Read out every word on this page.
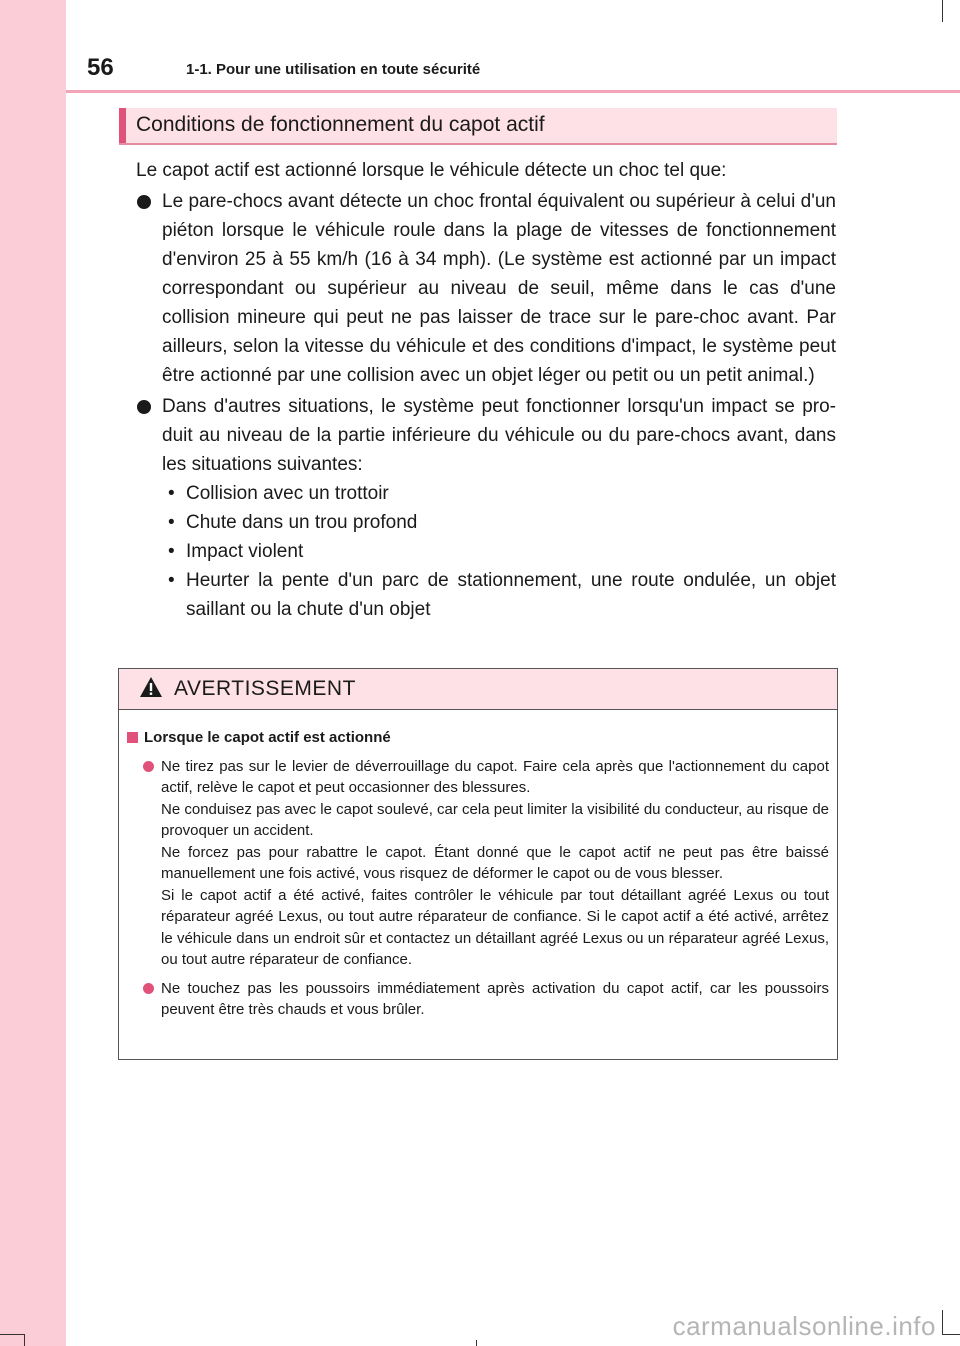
56	1-1. Pour une utilisation en toute sécurité
Conditions de fonctionnement du capot actif

Le capot actif est actionné lorsque le véhicule détecte un choc tel que:

Le pare-chocs avant détecte un choc frontal équivalent ou supérieur à celui d'un piéton lorsque le véhicule roule dans la plage de vitesses de fonctionnement d'environ 25 à 55 km/h (16 à 34 mph). (Le système est actionné par un impact correspondant ou supérieur au niveau de seuil, même dans le cas d'une collision mineure qui peut ne pas laisser de trace sur le pare-choc avant. Par ailleurs, selon la vitesse du véhicule et des conditions d'impact, le système peut être actionné par une collision avec un objet léger ou petit ou un petit animal.)
Dans d'autres situations, le système peut fonctionner lorsqu'un impact se produit au niveau de la partie inférieure du véhicule ou du pare-chocs avant, dans les situations suivantes:
• Collision avec un trottoir
• Chute dans un trou profond
• Impact violent
• Heurter la pente d'un parc de stationnement, une route ondulée, un objet saillant ou la chute d'un objet
AVERTISSEMENT
Lorsque le capot actif est actionné

Ne tirez pas sur le levier de déverrouillage du capot. Faire cela après que l'actionnement du capot actif, relève le capot et peut occasionner des blessures.

Ne conduisez pas avec le capot soulevé, car cela peut limiter la visibilité du conducteur, au risque de provoquer un accident.

Ne forcez pas pour rabattre le capot. Étant donné que le capot actif ne peut pas être baissé manuellement une fois activé, vous risquez de déformer le capot ou de vous blesser.

Si le capot actif a été activé, faites contrôler le véhicule par tout détaillant agréé Lexus ou tout réparateur agréé Lexus, ou tout autre réparateur de confiance. Si le capot actif a été activé, arrêtez le véhicule dans un endroit sûr et contactez un détaillant agréé Lexus ou un réparateur agréé Lexus, ou tout autre réparateur de confiance.

Ne touchez pas les poussoirs immédiatement après activation du capot actif, car les poussoirs peuvent être très chauds et vous brûler.

carmanualsonline.info
